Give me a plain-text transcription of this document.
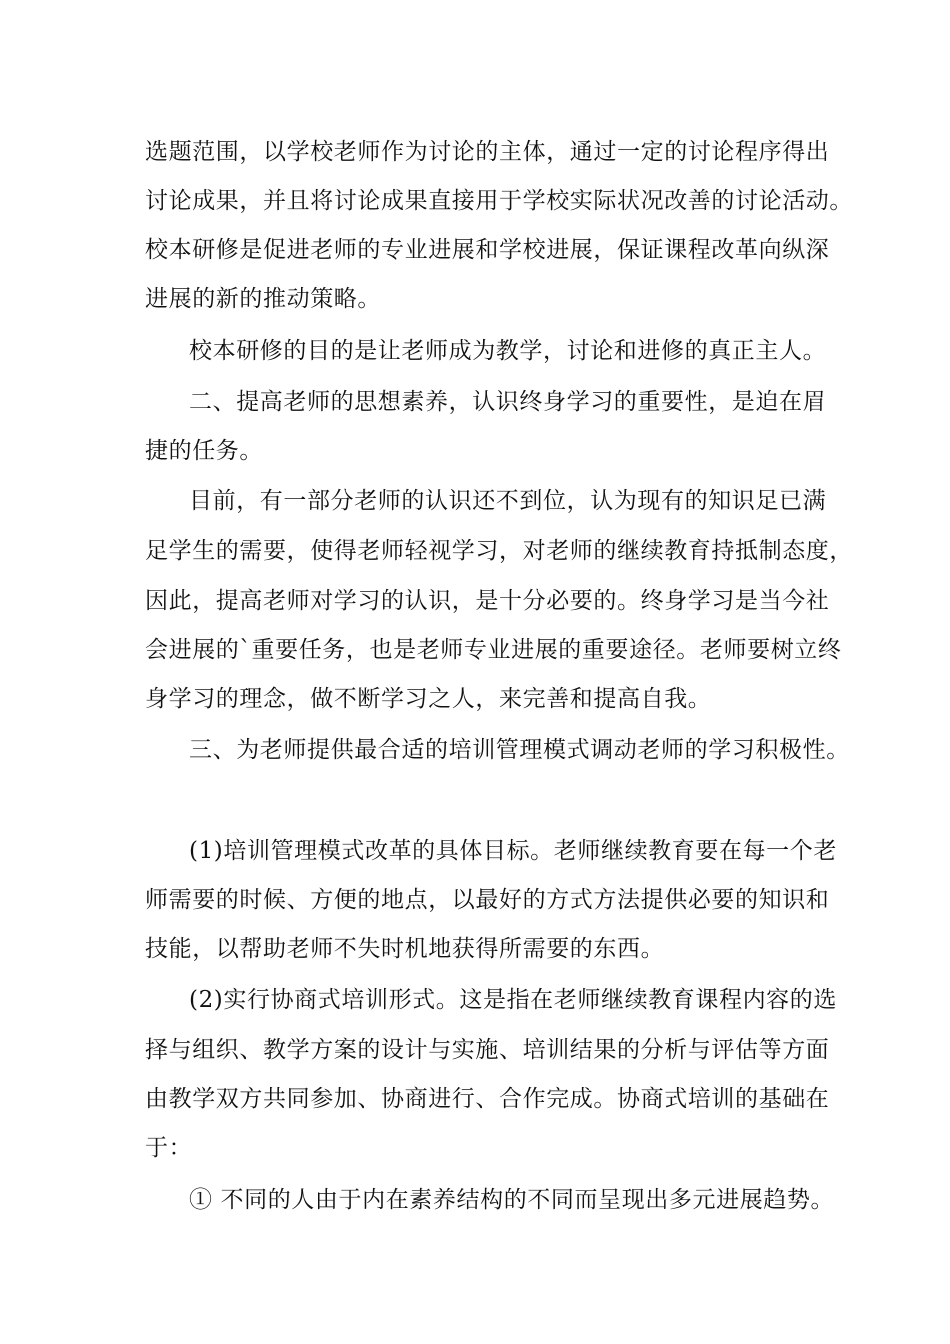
选题范围，以学校老师作为讨论的主体，通过一定的讨论程序得出
讨论成果，并且将讨论成果直接用于学校实际状况改善的讨论活动。
校本研修是促进老师的专业进展和学校进展，保证课程改革向纵深
进展的新的推动策略。
校本研修的目的是让老师成为教学，讨论和进修的真正主人。
二、提高老师的思想素养，认识终身学习的重要性，是迫在眉
捷的任务。
目前，有一部分老师的认识还不到位，认为现有的知识足已满
足学生的需要，使得老师轻视学习，对老师的继续教育持抵制态度，
因此，提高老师对学习的认识，是十分必要的。终身学习是当今社
会进展的`重要任务，也是老师专业进展的重要途径。老师要树立终
身学习的理念，做不断学习之人，来完善和提高自我。
三、为老师提供最合适的培训管理模式调动老师的学习积极性。
(1)培训管理模式改革的具体目标。老师继续教育要在每一个老
师需要的时候、方便的地点，以最好的方式方法提供必要的知识和
技能，以帮助老师不失时机地获得所需要的东西。
(2)实行协商式培训形式。这是指在老师继续教育课程内容的选
择与组织、教学方案的设计与实施、培训结果的分析与评估等方面
由教学双方共同参加、协商进行、合作完成。协商式培训的基础在
于：
① 不同的人由于内在素养结构的不同而呈现出多元进展趋势。
